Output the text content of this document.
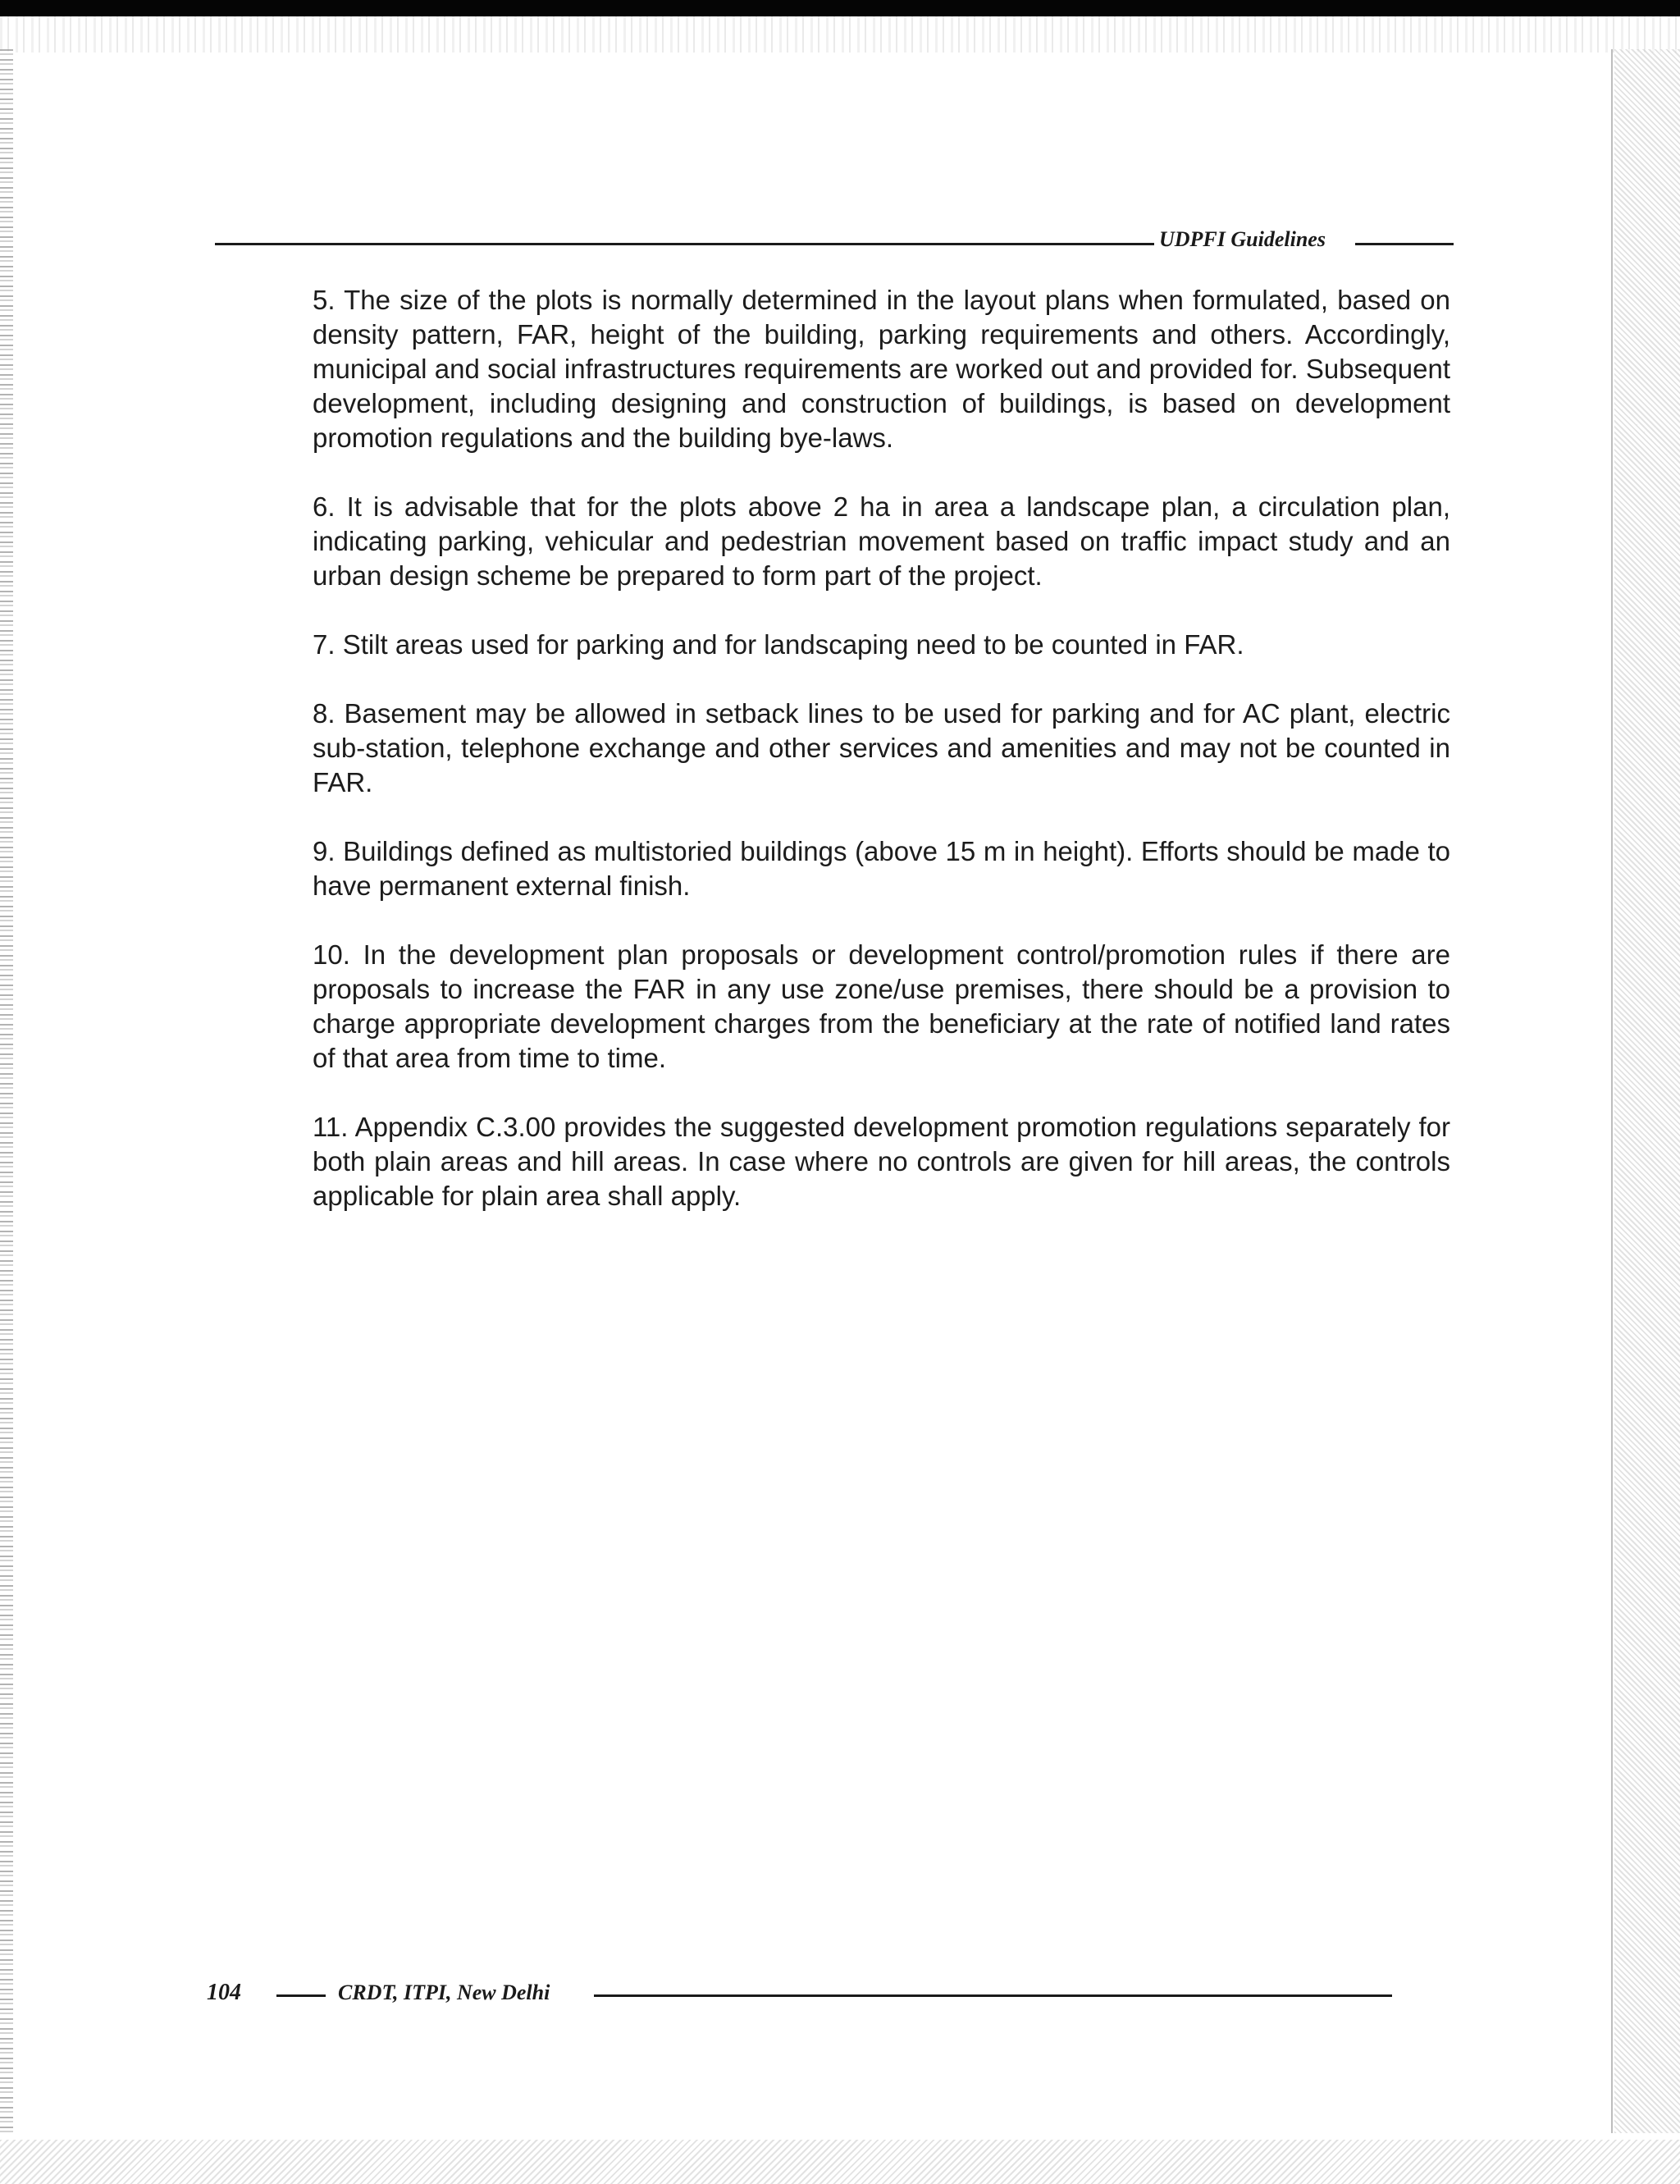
UDPFI Guidelines

5. The size of the plots is normally determined in the layout plans when formulated, based on density pattern, FAR, height of the building, parking requirements and others. Accordingly, municipal and social infrastructures requirements are worked out and provided for. Subsequent development, including designing and construction of buildings, is based on development promotion regulations and the building bye-laws.

6. It is advisable that for the plots above 2 ha in area a landscape plan, a circulation plan, indicating parking, vehicular and pedestrian movement based on traffic impact study and an urban design scheme be prepared to form part of the project.

7. Stilt areas used for parking and for landscaping need to be counted in FAR.

8. Basement may be allowed in setback lines to be used for parking and for AC plant, electric sub-station, telephone exchange and other services and amenities and may not be counted in FAR.

9. Buildings defined as multistoried buildings (above 15 m in height). Efforts should be made to have permanent external finish.

10. In the development plan proposals or development control/promotion rules if there are proposals to increase the FAR in any use zone/use premises, there should be a provision to charge appropriate development charges from the beneficiary at the rate of notified land rates of that area from time to time.

11. Appendix C.3.00 provides the suggested development promotion regulations separately for both plain areas and hill areas. In case where no controls are given for hill areas, the controls applicable for plain area shall apply.

104	CRDT, ITPI, New Delhi
